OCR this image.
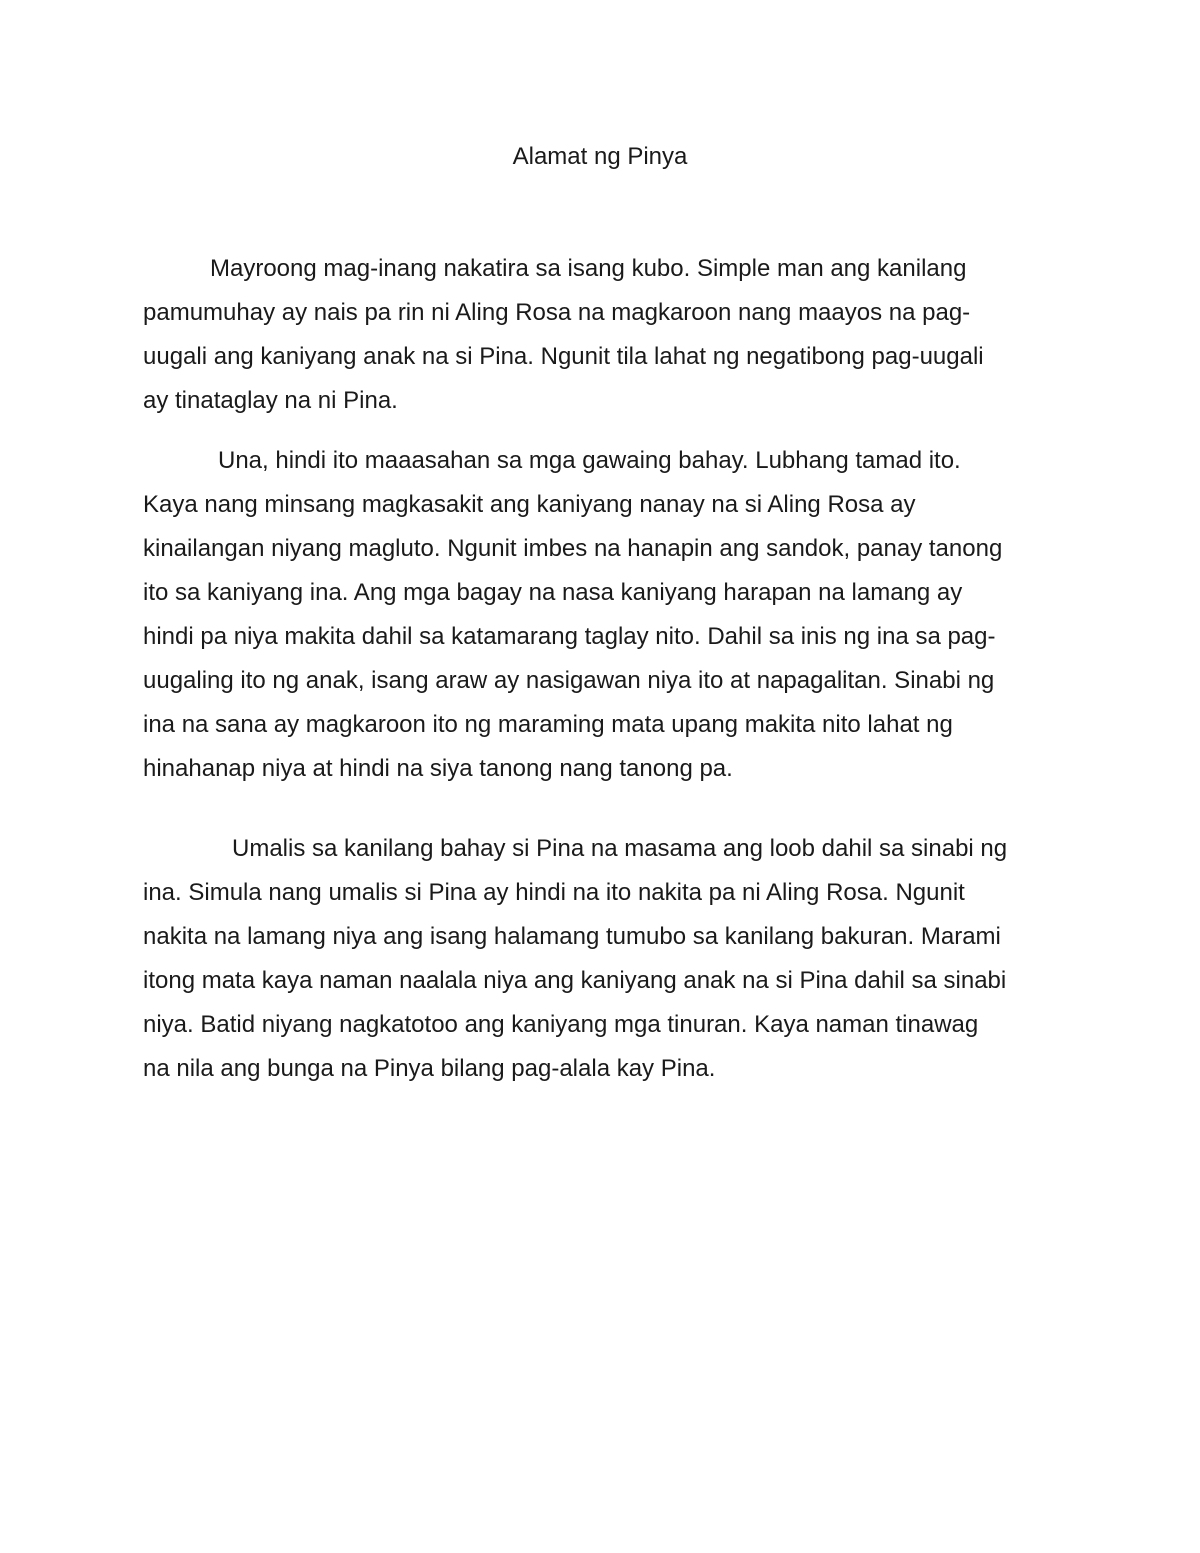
Alamat ng Pinya
Mayroong mag-inang nakatira sa isang kubo. Simple man ang kanilang
pamumuhay ay nais pa rin ni Aling Rosa na magkaroon nang maayos na pag-
uugali ang kaniyang anak na si Pina. Ngunit tila lahat ng negatibong pag-uugali
ay tinataglay na ni Pina.
Una, hindi ito maaasahan sa mga gawaing bahay. Lubhang tamad ito.
Kaya nang minsang magkasakit ang kaniyang nanay na si Aling Rosa ay
kinailangan niyang magluto. Ngunit imbes na hanapin ang sandok, panay tanong
ito sa kaniyang ina. Ang mga bagay na nasa kaniyang harapan na lamang ay
hindi pa niya makita dahil sa katamarang taglay nito. Dahil sa inis ng ina sa pag-
uugaling ito ng anak, isang araw ay nasigawan niya ito at napagalitan. Sinabi ng
ina na sana ay magkaroon ito ng maraming mata upang makita nito lahat ng
hinahanap niya at hindi na siya tanong nang tanong pa.
Umalis sa kanilang bahay si Pina na masama ang loob dahil sa sinabi ng
ina. Simula nang umalis si Pina ay hindi na ito nakita pa ni Aling Rosa. Ngunit
nakita na lamang niya ang isang halamang tumubo sa kanilang bakuran. Marami
itong mata kaya naman naalala niya ang kaniyang anak na si Pina dahil sa sinabi
niya. Batid niyang nagkatotoo ang kaniyang mga tinuran. Kaya naman tinawag
na nila ang bunga na Pinya bilang pag-alala kay Pina.
